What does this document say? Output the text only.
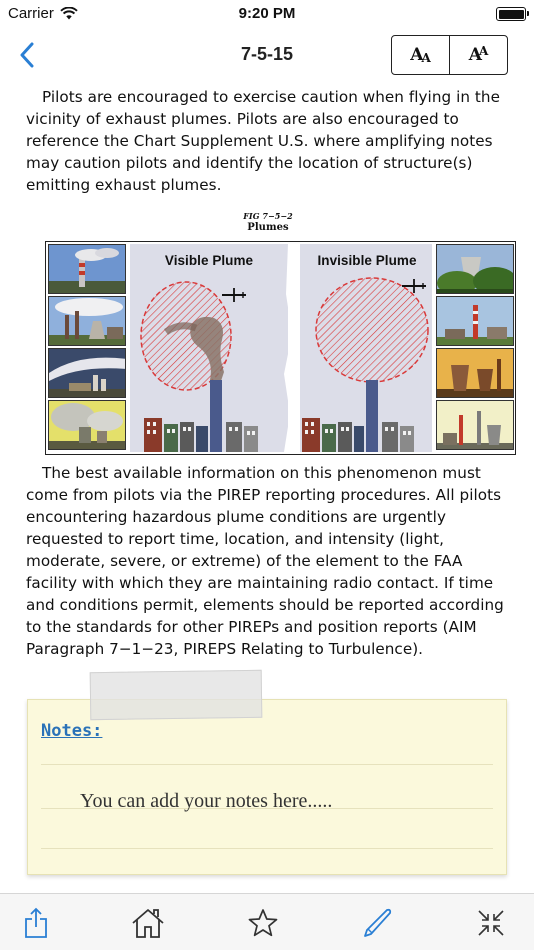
Carrier	9:20 PM
7-5-15	A
A A
A

Pilots are encouraged to exercise caution when flying in the vicinity of exhaust plumes. Pilots are also encouraged to reference the Chart Supplement U.S. where amplifying notes may caution pilots and identify the location of structure(s) emitting exhaust plumes.

FIG 7−5−2
Plumes
Visible Plume	Invisible Plume

The best available information on this phenomenon must come from pilots via the PIREP reporting procedures. All pilots encountering hazardous plume conditions are urgently requested to report time, location, and intensity (light, moderate, severe, or extreme) of the element to the FAA facility with which they are maintaining radio contact. If time and conditions permit, elements should be reported according to the standards for other PIREPs and position reports (AIM Paragraph 7−1−23, PIREPS Relating to Turbulence).

Notes:
You can add your notes here.....
